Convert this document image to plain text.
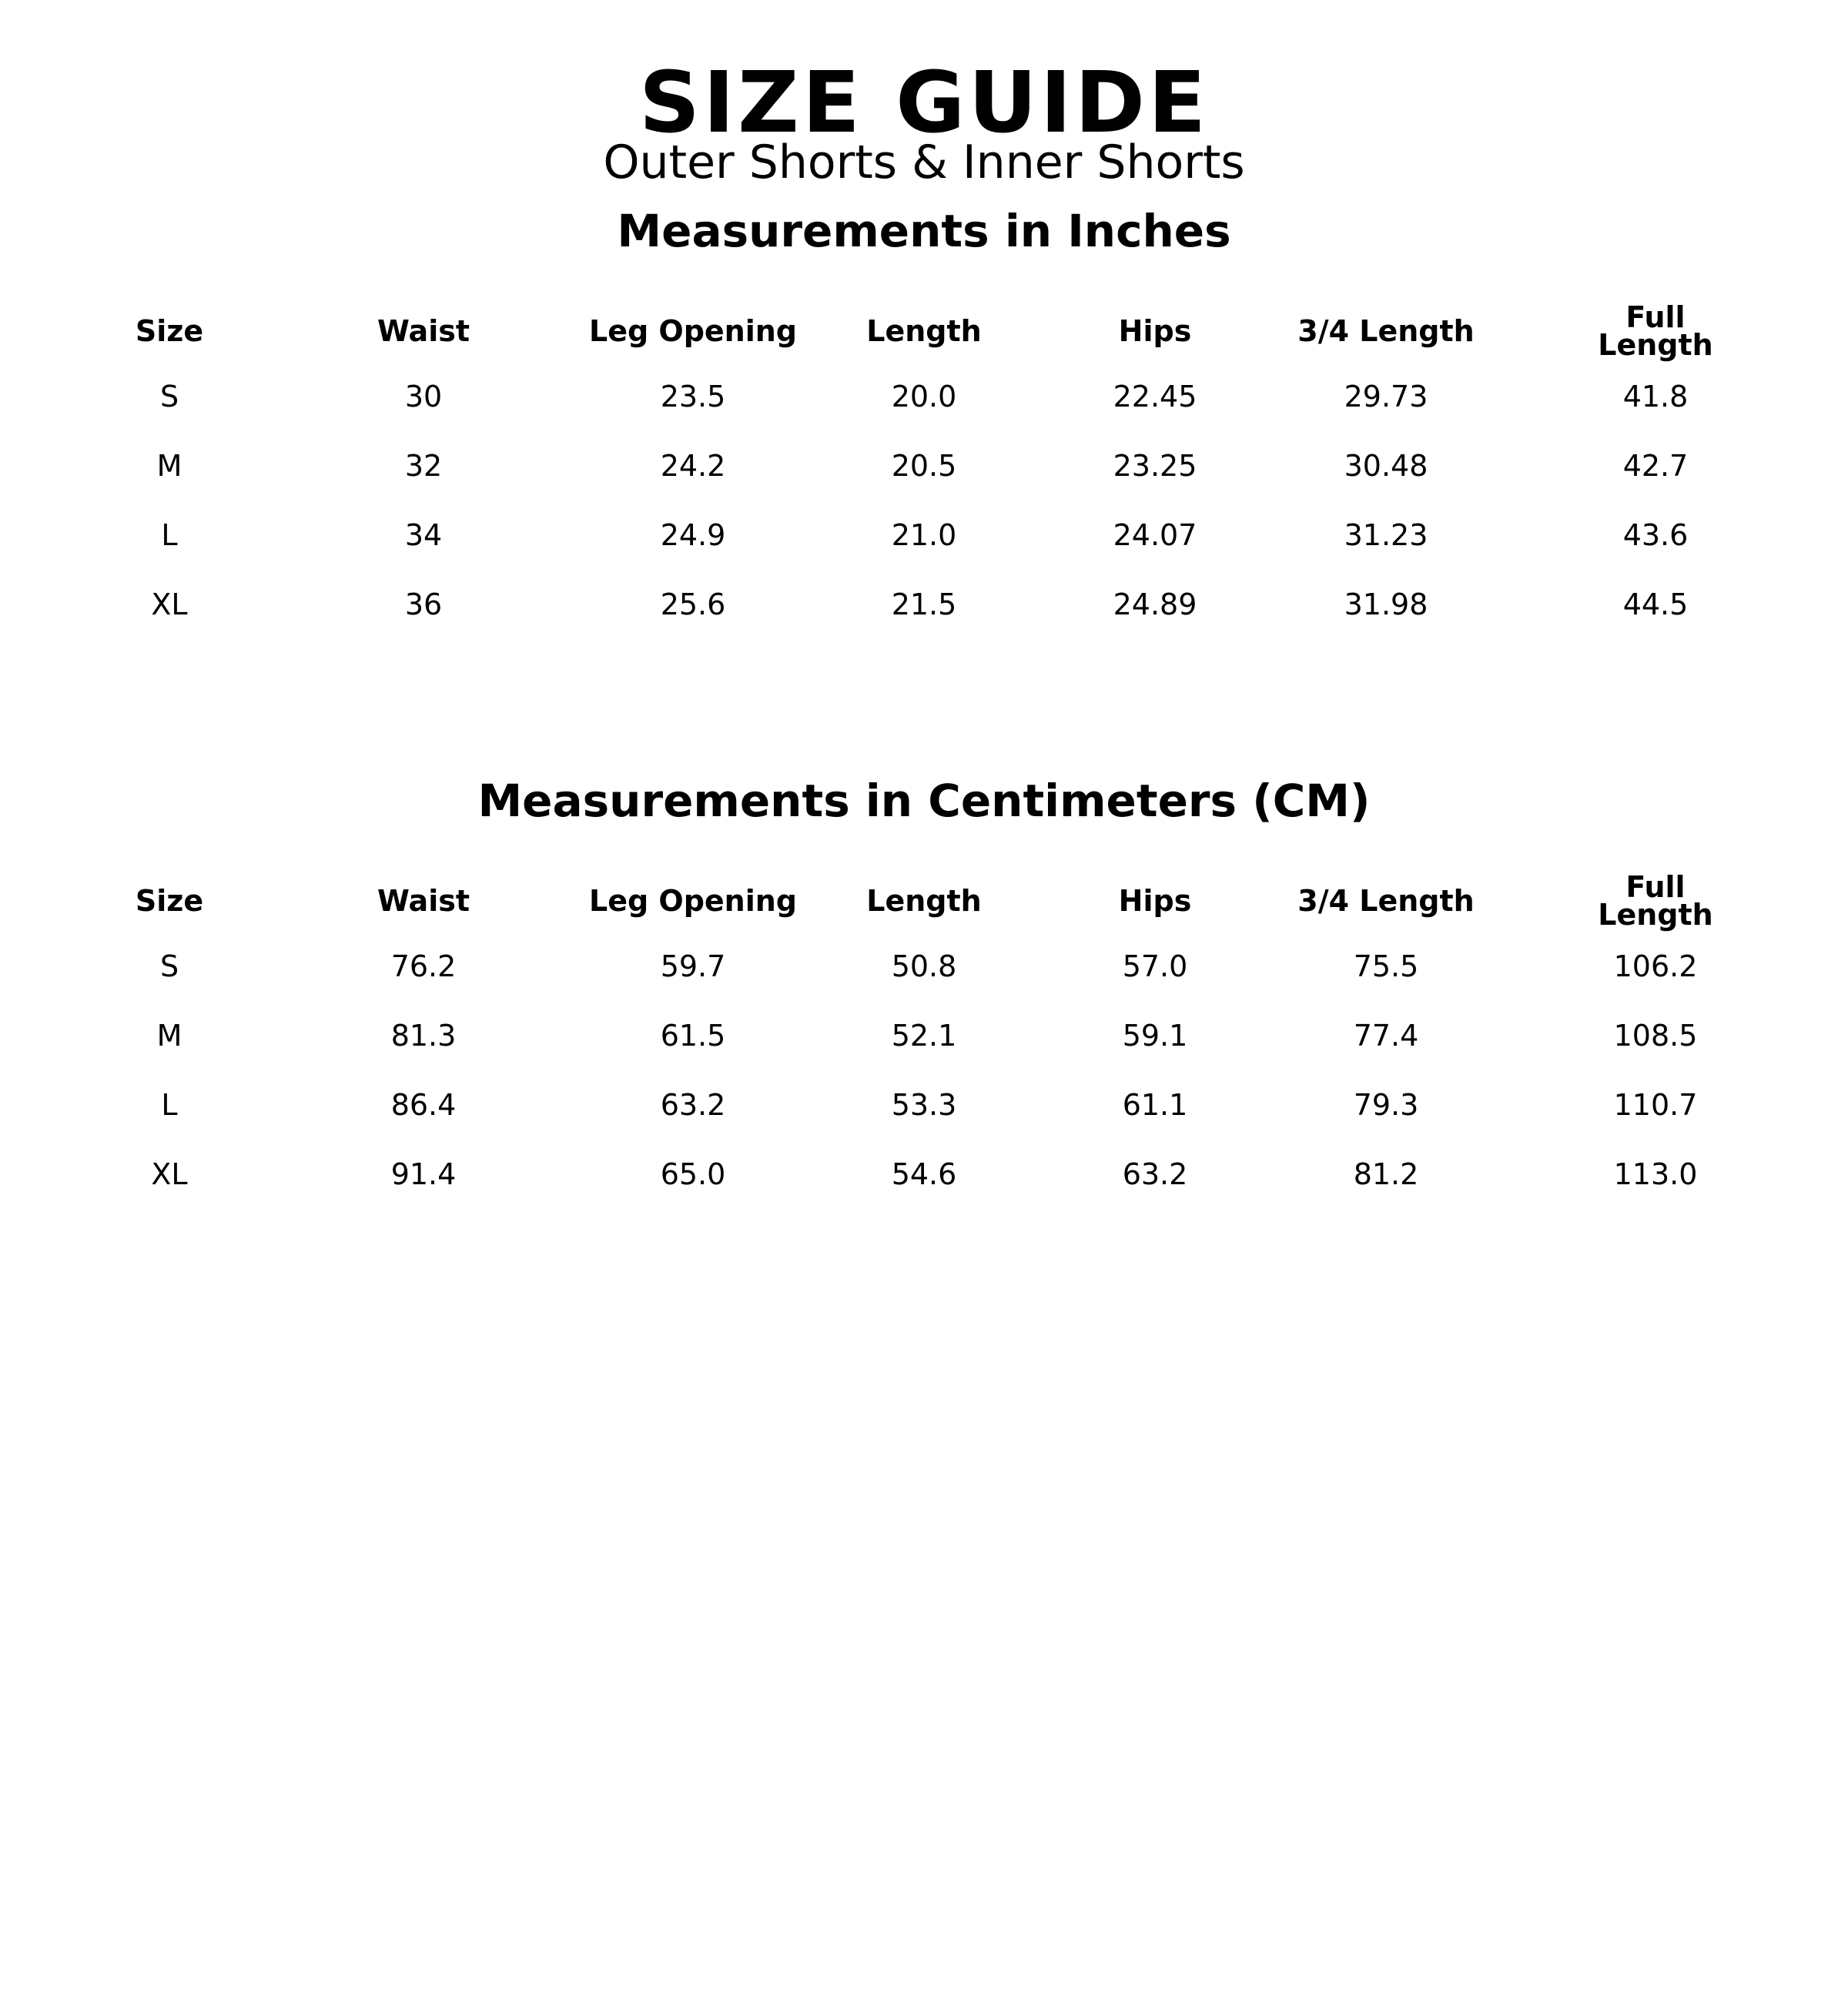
SIZE GUIDE
Outer Shorts & Inner Shorts
Measurements in Inches
Size	Waist	Leg Opening	Length	Hips	3/4 Length	Full Length
S	30	23.5	20.0	22.45	29.73	41.8
M	32	24.2	20.5	23.25	30.48	42.7
L	34	24.9	21.0	24.07	31.23	43.6
XL	36	25.6	21.5	24.89	31.98	44.5
Measurements in Centimeters (CM)
Size	Waist	Leg Opening	Length	Hips	3/4 Length	Full Length
S	76.2	59.7	50.8	57.0	75.5	106.2
M	81.3	61.5	52.1	59.1	77.4	108.5
L	86.4	63.2	53.3	61.1	79.3	110.7
XL	91.4	65.0	54.6	63.2	81.2	113.0
